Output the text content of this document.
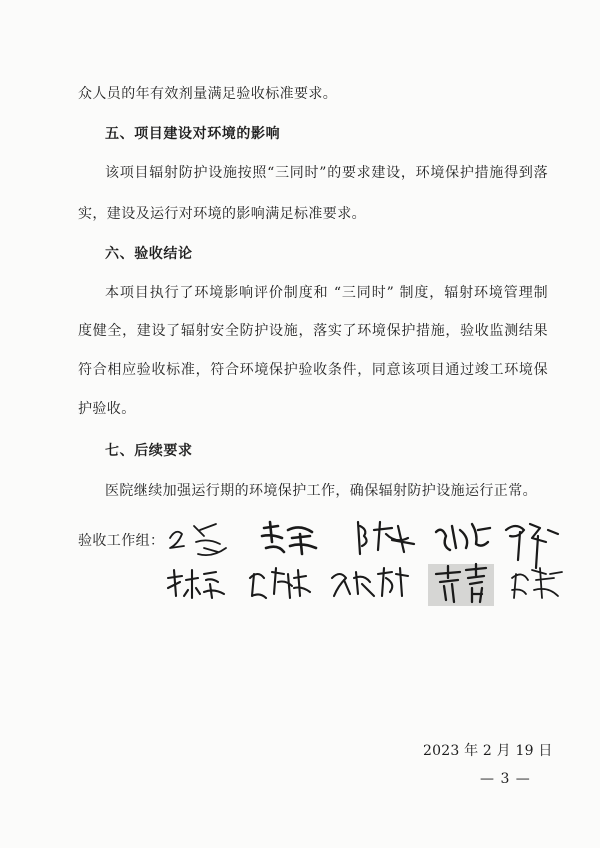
众人员的年有效剂量满足验收标准要求。
五、项目建设对环境的影响
该项目辐射防护设施按照“三同时”的要求建设，环境保护措施得到落
实，建设及运行对环境的影响满足标准要求。
六、验收结论
本项目执行了环境影响评价制度和 “三同时” 制度，辐射环境管理制
度健全，建设了辐射安全防护设施，落实了环境保护措施，验收监测结果
符合相应验收标准，符合环境保护验收条件，同意该项目通过竣工环境保
护验收。
七、后续要求
医院继续加强运行期的环境保护工作，确保辐射防护设施运行正常。
验收工作组：
2023 年 2 月 19 日
— 3 —
